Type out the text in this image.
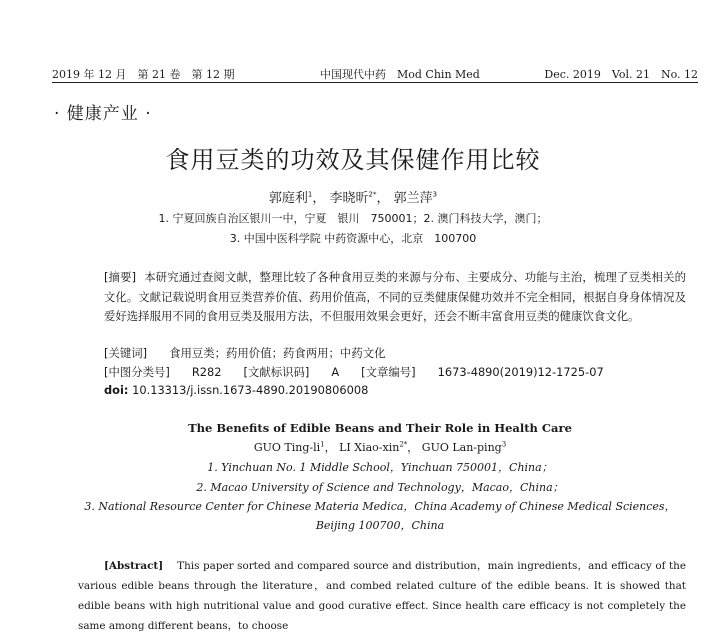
2019 年 12 月　第 21 卷　第 12 期	中国现代中药　Mod Chin Med	Dec. 2019　Vol. 21　No. 12
· 健康产业 ·
食用豆类的功效及其保健作用比较
郭庭利$^1$， 李晓昕$^{2*}$， 郭兰萍$^3$
1. 宁夏回族自治区银川一中，宁夏　银川　750001；2. 澳门科技大学，澳门；
3. 中国中医科学院 中药资源中心，北京　100700
[摘要] 本研究通过查阅文献，整理比较了各种食用豆类的来源与分布、主要成分、功能与主治，梳理了豆类相关的文化。文献记载说明食用豆类营养价值、药用价值高，不同的豆类健康保健功效并不完全相同，根据自身身体情况及爱好选择服用不同的食用豆类及服用方法，不但服用效果会更好，还会不断丰富食用豆类的健康饮食文化。
[关键词] 食用豆类；药用价值；药食两用；中药文化
[中图分类号] R282 [文献标识码] A [文章编号] 1673-4890(2019)12-1725-07
doi: 10.13313/j.issn.1673-4890.20190806008
The Benefits of Edible Beans and Their Role in Health Care
GUO Ting-$li^1$， LI Xiao-xin$^{2*}$， GUO Lan-ping$^3$
1. Yinchuan No. 1 Middle School，Yinchuan 750001，China；
2. Macao University of Science and Technology，Macao，China；
3. National Resource Center for Chinese Materia Medica，China Academy of Chinese Medical Sciences，
Beijing 100700，China
[Abstract] This paper sorted and compared source and distribution，main ingredients，and efficacy of the various edible beans through the literature，and combed related culture of the edible beans. It is showed that edible beans with high nutritional value and good curative effect. Since health care efficacy is not completely the same among different beans，to choose
